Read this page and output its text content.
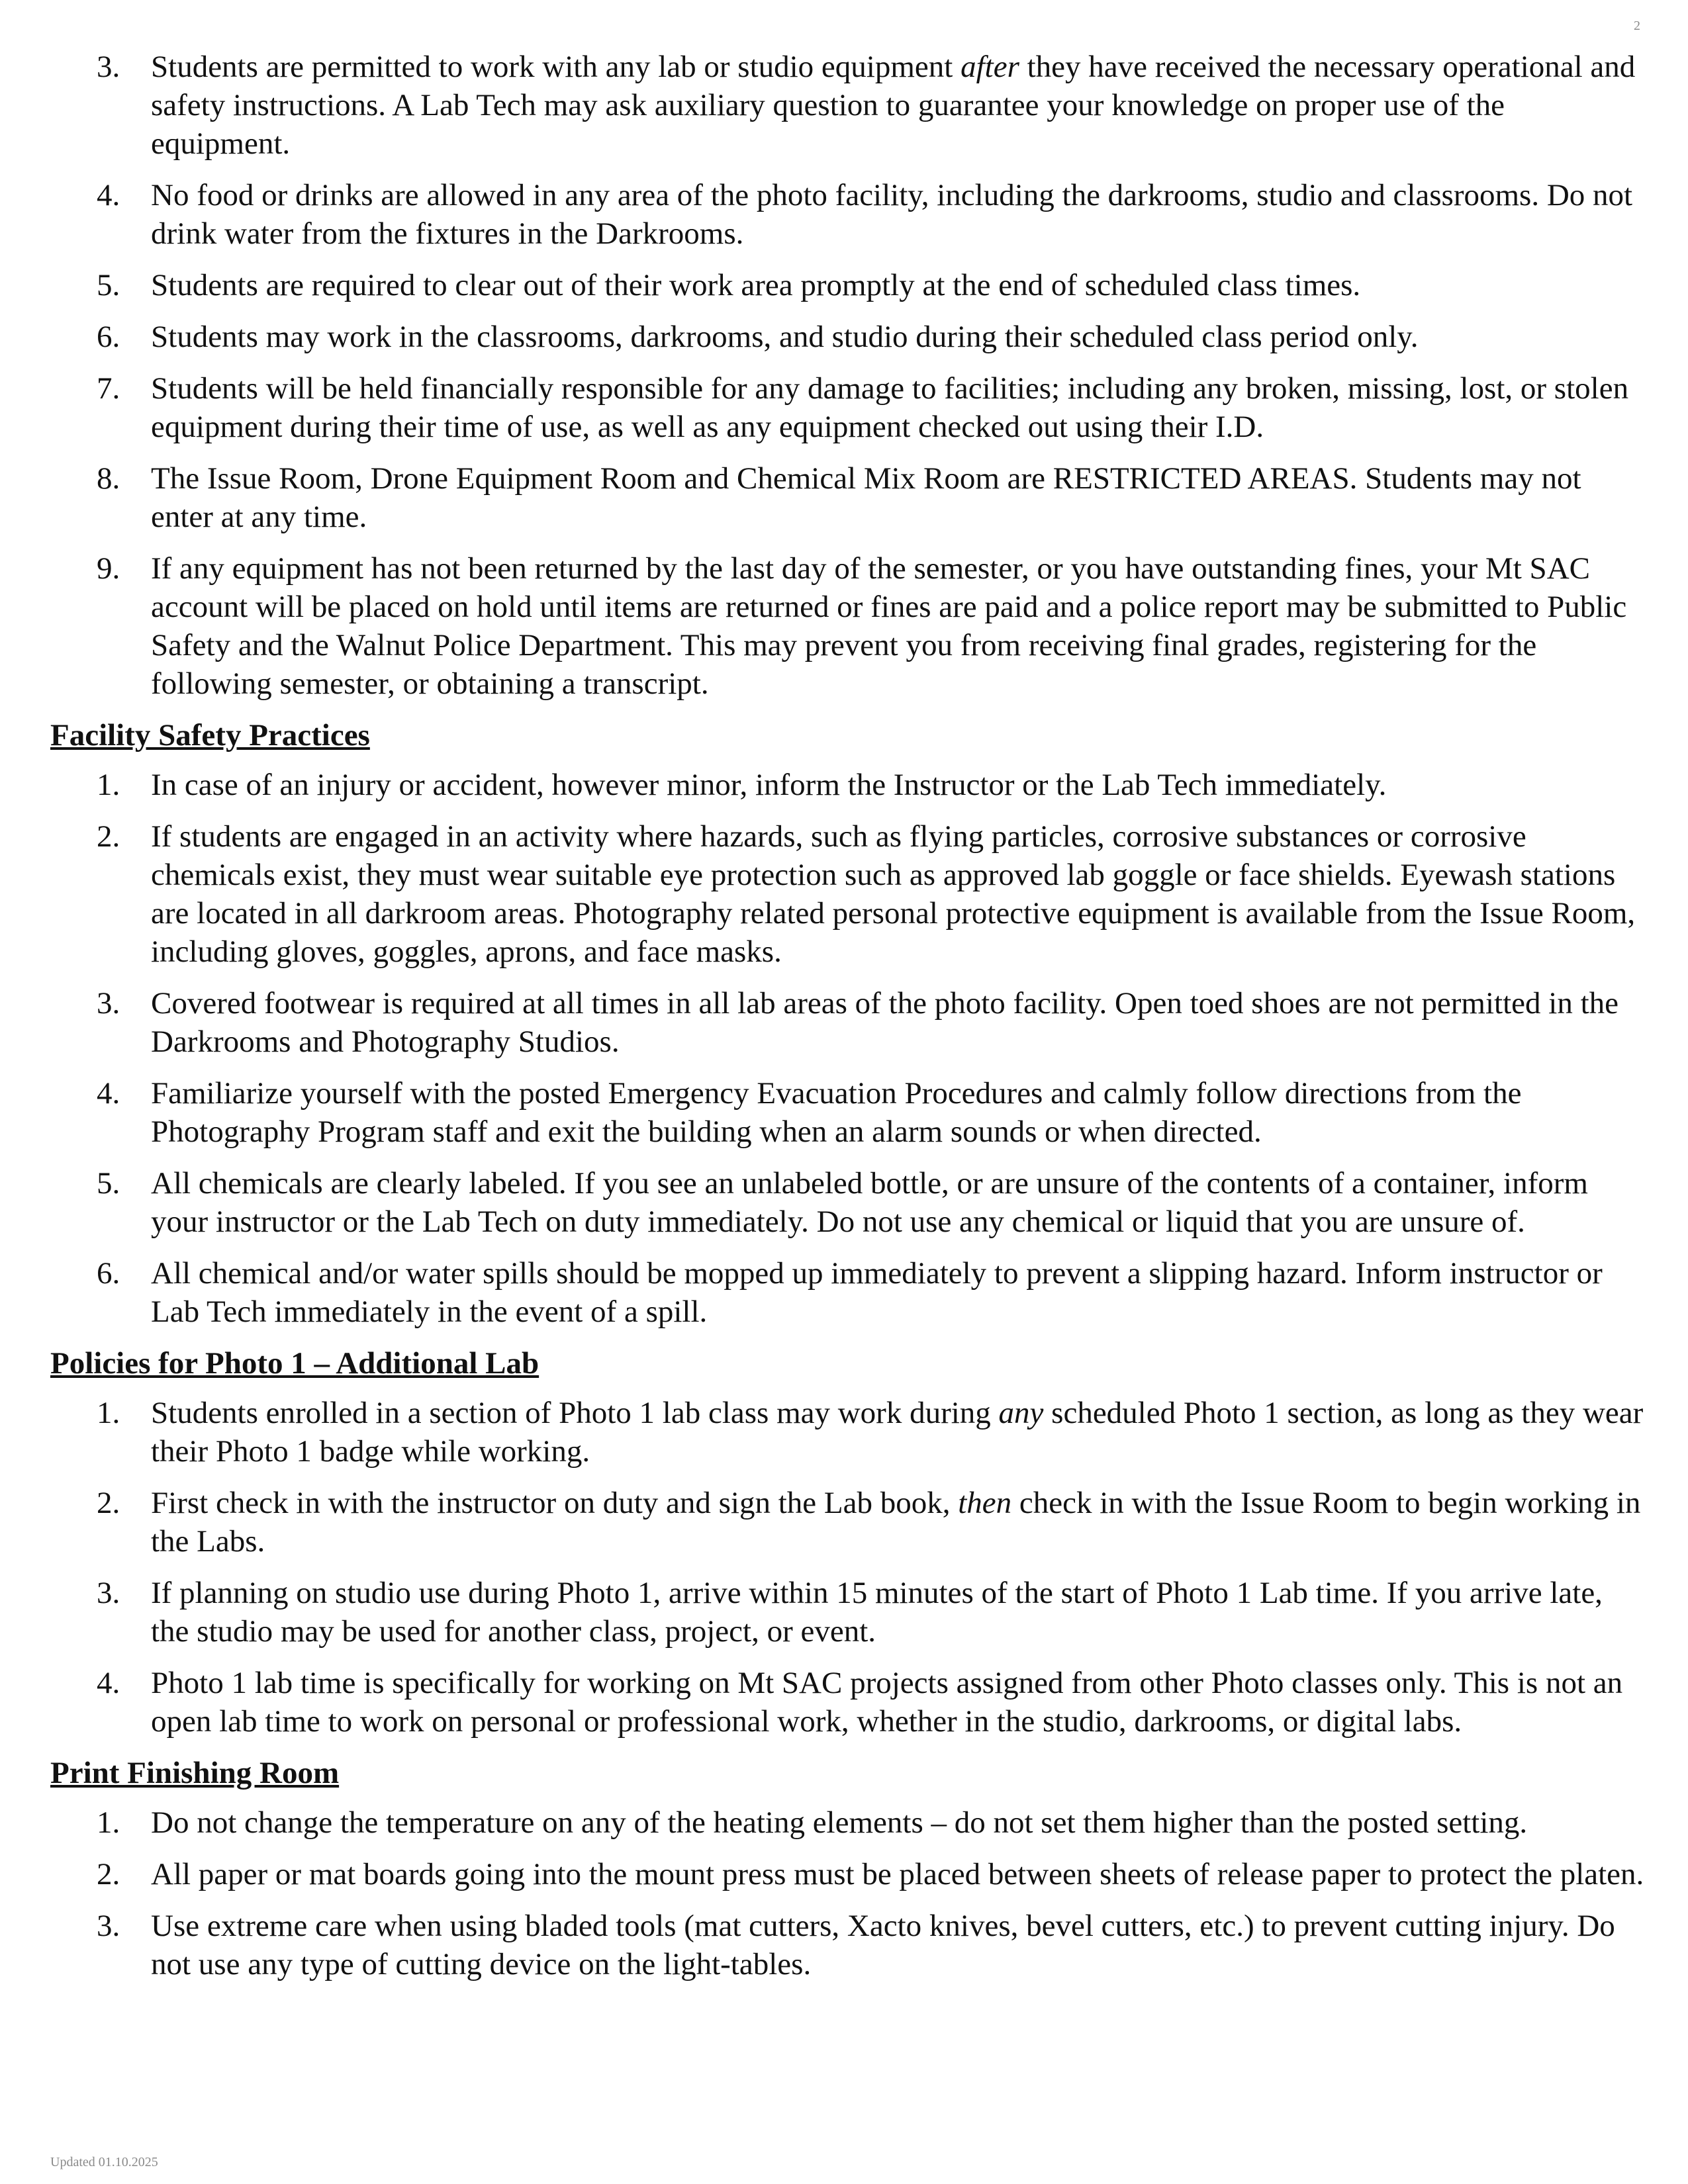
2
3. Students are permitted to work with any lab or studio equipment after they have received the necessary operational and safety instructions. A Lab Tech may ask auxiliary question to guarantee your knowledge on proper use of the equipment.
4. No food or drinks are allowed in any area of the photo facility, including the darkrooms, studio and classrooms. Do not drink water from the fixtures in the Darkrooms.
5. Students are required to clear out of their work area promptly at the end of scheduled class times.
6. Students may work in the classrooms, darkrooms, and studio during their scheduled class period only.
7. Students will be held financially responsible for any damage to facilities; including any broken, missing, lost, or stolen equipment during their time of use, as well as any equipment checked out using their I.D.
8. The Issue Room, Drone Equipment Room and Chemical Mix Room are RESTRICTED AREAS. Students may not enter at any time.
9. If any equipment has not been returned by the last day of the semester, or you have outstanding fines, your Mt SAC account will be placed on hold until items are returned or fines are paid and a police report may be submitted to Public Safety and the Walnut Police Department. This may prevent you from receiving final grades, registering for the following semester, or obtaining a transcript.
Facility Safety Practices
1. In case of an injury or accident, however minor, inform the Instructor or the Lab Tech immediately.
2. If students are engaged in an activity where hazards, such as flying particles, corrosive substances or corrosive chemicals exist, they must wear suitable eye protection such as approved lab goggle or face shields. Eyewash stations are located in all darkroom areas. Photography related personal protective equipment is available from the Issue Room, including gloves, goggles, aprons, and face masks.
3. Covered footwear is required at all times in all lab areas of the photo facility. Open toed shoes are not permitted in the Darkrooms and Photography Studios.
4. Familiarize yourself with the posted Emergency Evacuation Procedures and calmly follow directions from the Photography Program staff and exit the building when an alarm sounds or when directed.
5. All chemicals are clearly labeled. If you see an unlabeled bottle, or are unsure of the contents of a container, inform your instructor or the Lab Tech on duty immediately. Do not use any chemical or liquid that you are unsure of.
6. All chemical and/or water spills should be mopped up immediately to prevent a slipping hazard. Inform instructor or Lab Tech immediately in the event of a spill.
Policies for Photo 1 – Additional Lab
1. Students enrolled in a section of Photo 1 lab class may work during any scheduled Photo 1 section, as long as they wear their Photo 1 badge while working.
2. First check in with the instructor on duty and sign the Lab book, then check in with the Issue Room to begin working in the Labs.
3. If planning on studio use during Photo 1, arrive within 15 minutes of the start of Photo 1 Lab time. If you arrive late, the studio may be used for another class, project, or event.
4. Photo 1 lab time is specifically for working on Mt SAC projects assigned from other Photo classes only. This is not an open lab time to work on personal or professional work, whether in the studio, darkrooms, or digital labs.
Print Finishing Room
1. Do not change the temperature on any of the heating elements – do not set them higher than the posted setting.
2. All paper or mat boards going into the mount press must be placed between sheets of release paper to protect the platen.
3. Use extreme care when using bladed tools (mat cutters, Xacto knives, bevel cutters, etc.) to prevent cutting injury. Do not use any type of cutting device on the light-tables.
Updated 01.10.2025
